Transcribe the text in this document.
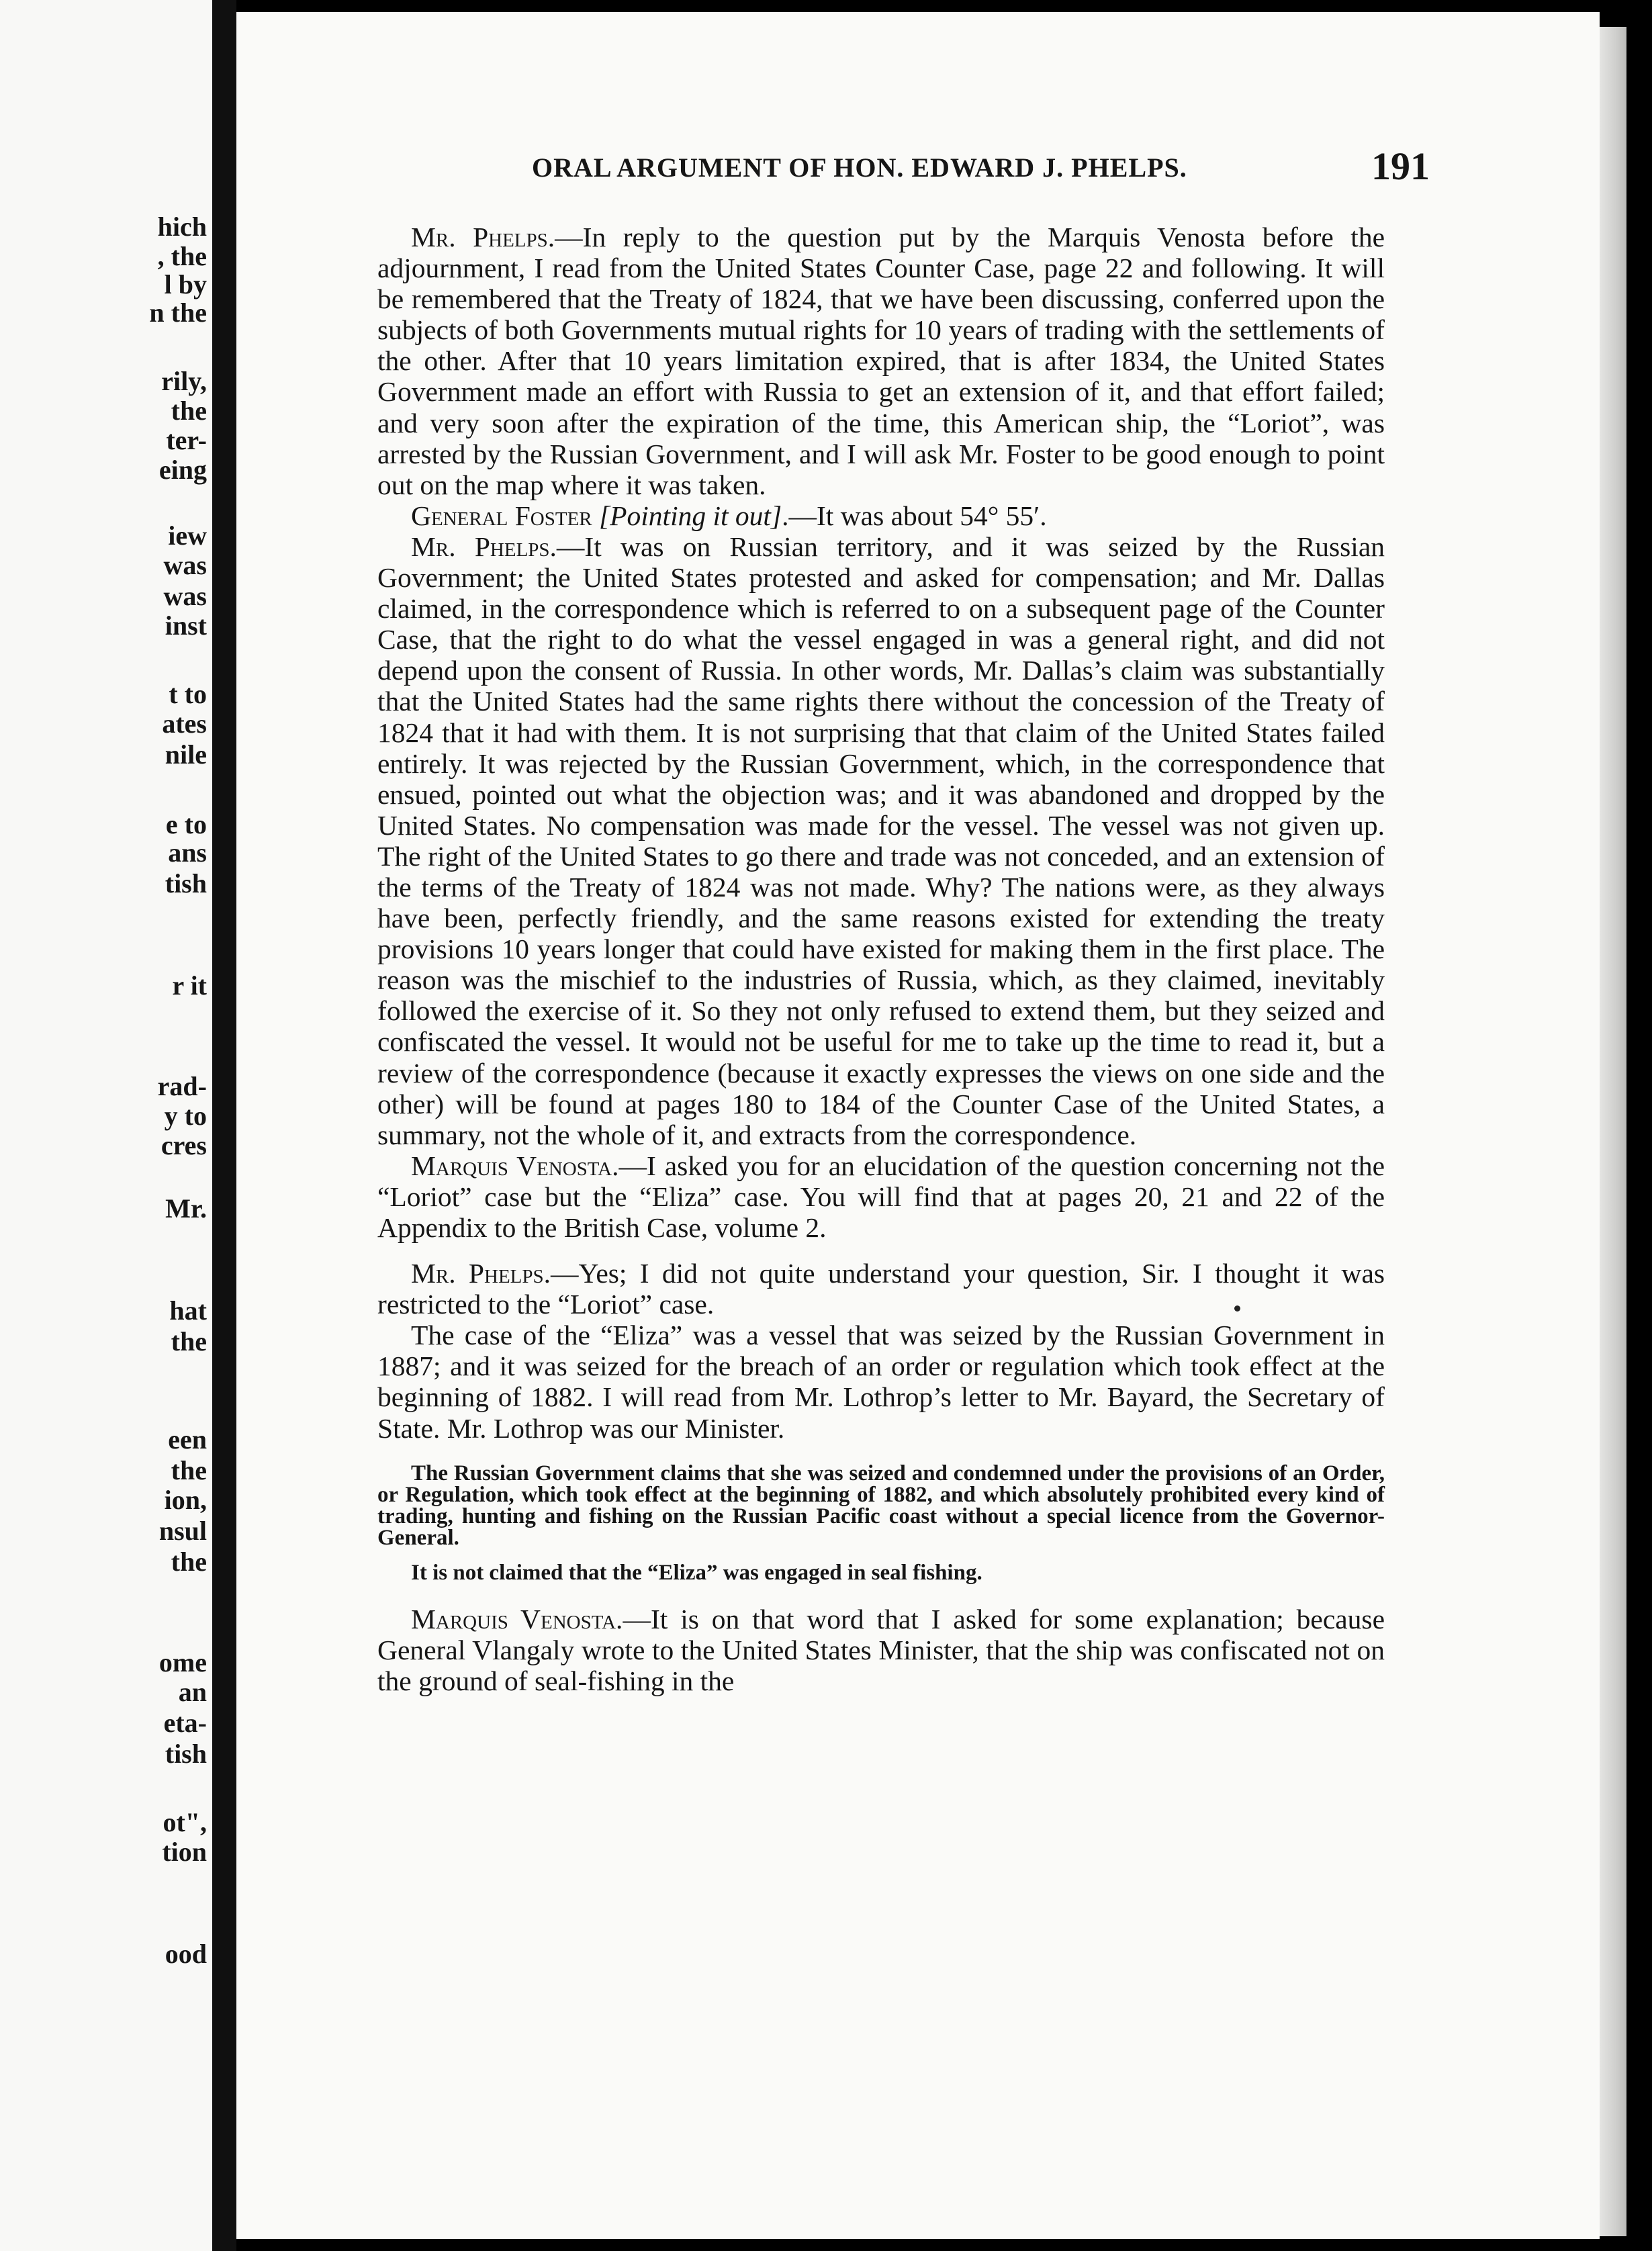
hich
, the
l by
n the
rily,
the
ter-
eing
iew
was
was
inst
t to
ates
nile
e to
ans
tish
r it
rad-
y to
cres
Mr.
hat
the
een
the
ion,
nsul
the
ome
an
eta-
tish
ot",
tion
ood
ORAL ARGUMENT OF HON. EDWARD J. PHELPS.	191

Mr. Phelps.—In reply to the question put by the Marquis Venosta before the adjournment, I read from the United States Counter Case, page 22 and following. It will be remembered that the Treaty of 1824, that we have been discussing, conferred upon the subjects of both Governments mutual rights for 10 years of trading with the settlements of the other. After that 10 years limitation expired, that is after 1834, the United States Government made an effort with Russia to get an extension of it, and that effort failed; and very soon after the expiration of the time, this American ship, the “Loriot”, was arrested by the Russian Government, and I will ask Mr. Foster to be good enough to point out on the map where it was taken.

General Foster [Pointing it out].—It was about 54° 55′.

Mr. Phelps.—It was on Russian territory, and it was seized by the Russian Government; the United States protested and asked for compensation; and Mr. Dallas claimed, in the correspondence which is referred to on a subsequent page of the Counter Case, that the right to do what the vessel engaged in was a general right, and did not depend upon the consent of Russia. In other words, Mr. Dallas’s claim was substantially that the United States had the same rights there without the concession of the Treaty of 1824 that it had with them. It is not surprising that that claim of the United States failed entirely. It was rejected by the Russian Government, which, in the correspondence that ensued, pointed out what the objection was; and it was abandoned and dropped by the United States. No compensation was made for the vessel. The vessel was not given up. The right of the United States to go there and trade was not conceded, and an extension of the terms of the Treaty of 1824 was not made. Why? The nations were, as they always have been, perfectly friendly, and the same reasons existed for extending the treaty provisions 10 years longer that could have existed for making them in the first place. The reason was the mischief to the industries of Russia, which, as they claimed, inevitably followed the exercise of it. So they not only refused to extend them, but they seized and confiscated the vessel. It would not be useful for me to take up the time to read it, but a review of the correspondence (because it exactly expresses the views on one side and the other) will be found at pages 180 to 184 of the Counter Case of the United States, a summary, not the whole of it, and extracts from the correspondence.

Marquis Venosta.—I asked you for an elucidation of the question concerning not the “Loriot” case but the “Eliza” case. You will find that at pages 20, 21 and 22 of the Appendix to the British Case, volume 2.

Mr. Phelps.—Yes; I did not quite understand your question, Sir. I thought it was restricted to the “Loriot” case.

The case of the “Eliza” was a vessel that was seized by the Russian Government in 1887; and it was seized for the breach of an order or regulation which took effect at the beginning of 1882. I will read from Mr. Lothrop’s letter to Mr. Bayard, the Secretary of State. Mr. Lothrop was our Minister.

The Russian Government claims that she was seized and condemned under the provisions of an Order, or Regulation, which took effect at the beginning of 1882, and which absolutely prohibited every kind of trading, hunting and fishing on the Russian Pacific coast without a special licence from the Governor-General.

It is not claimed that the “Eliza” was engaged in seal fishing.

Marquis Venosta.—It is on that word that I asked for some explanation; because General Vlangaly wrote to the United States Minister, that the ship was confiscated not on the ground of seal-fishing in the
